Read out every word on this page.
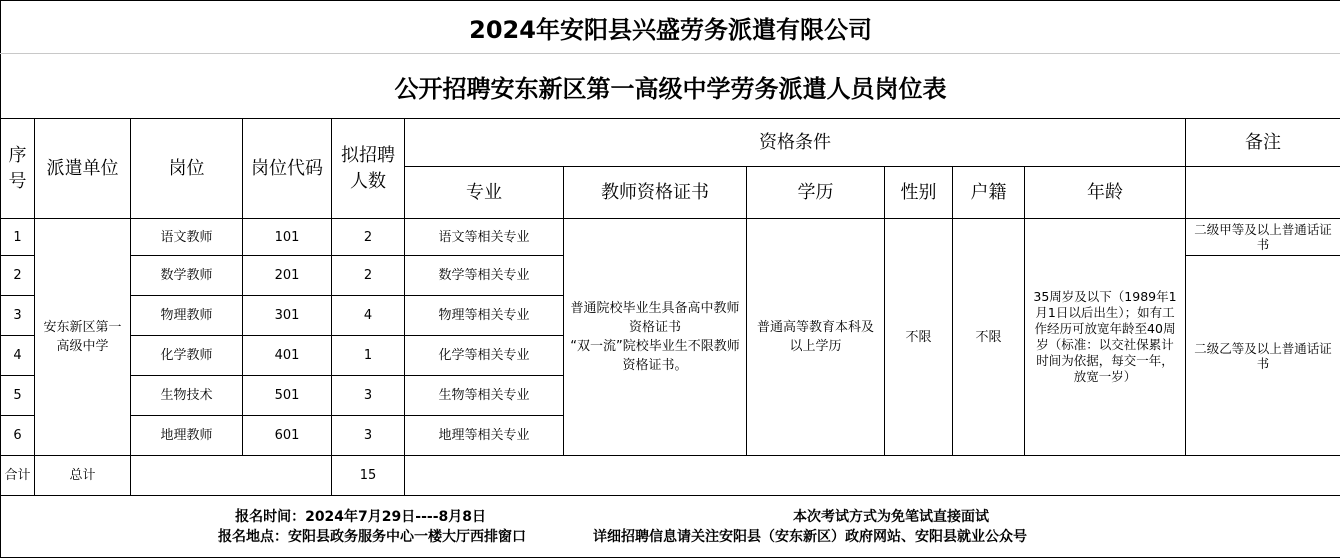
2024年安阳县兴盛劳务派遣有限公司											
公开招聘安东新区第一高级中学劳务派遣人员岗位表											
序号	派遣单位	岗位	岗位代码	拟招聘人数	资格条件						备注
					专业	教师资格证书	学历	性别	户籍	年龄	
1	安东新区第一高级中学	语文教师	101	2	语文等相关专业	普通院校毕业生具备高中教师资格证书
“双一流”院校毕业生不限教师资格证书。	普通高等教育本科及以上学历	不限	不限	35周岁及以下（1989年1月1日以后出生）；如有工作经历可放宽年龄至40周岁（标准：以交社保累计时间为依据，每交一年，放宽一岁）	二级甲等及以上普通话证书
2		数学教师	201	2	数学等相关专业						二级乙等及以上普通话证书
3		物理教师	301	4	物理等相关专业						
4		化学教师	401	1	化学等相关专业						
5		生物技术	501	3	生物等相关专业						
6		地理教师	601	3	地理等相关专业						
合计	总计			15							

报名时间：2024年7月29日----8月8日 本次考试方式为免笔试直接面试
报名地点：安阳县政务服务中心一楼大厅西排窗口 详细招聘信息请关注安阳县（安东新区）政府网站、安阳县就业公众号											
